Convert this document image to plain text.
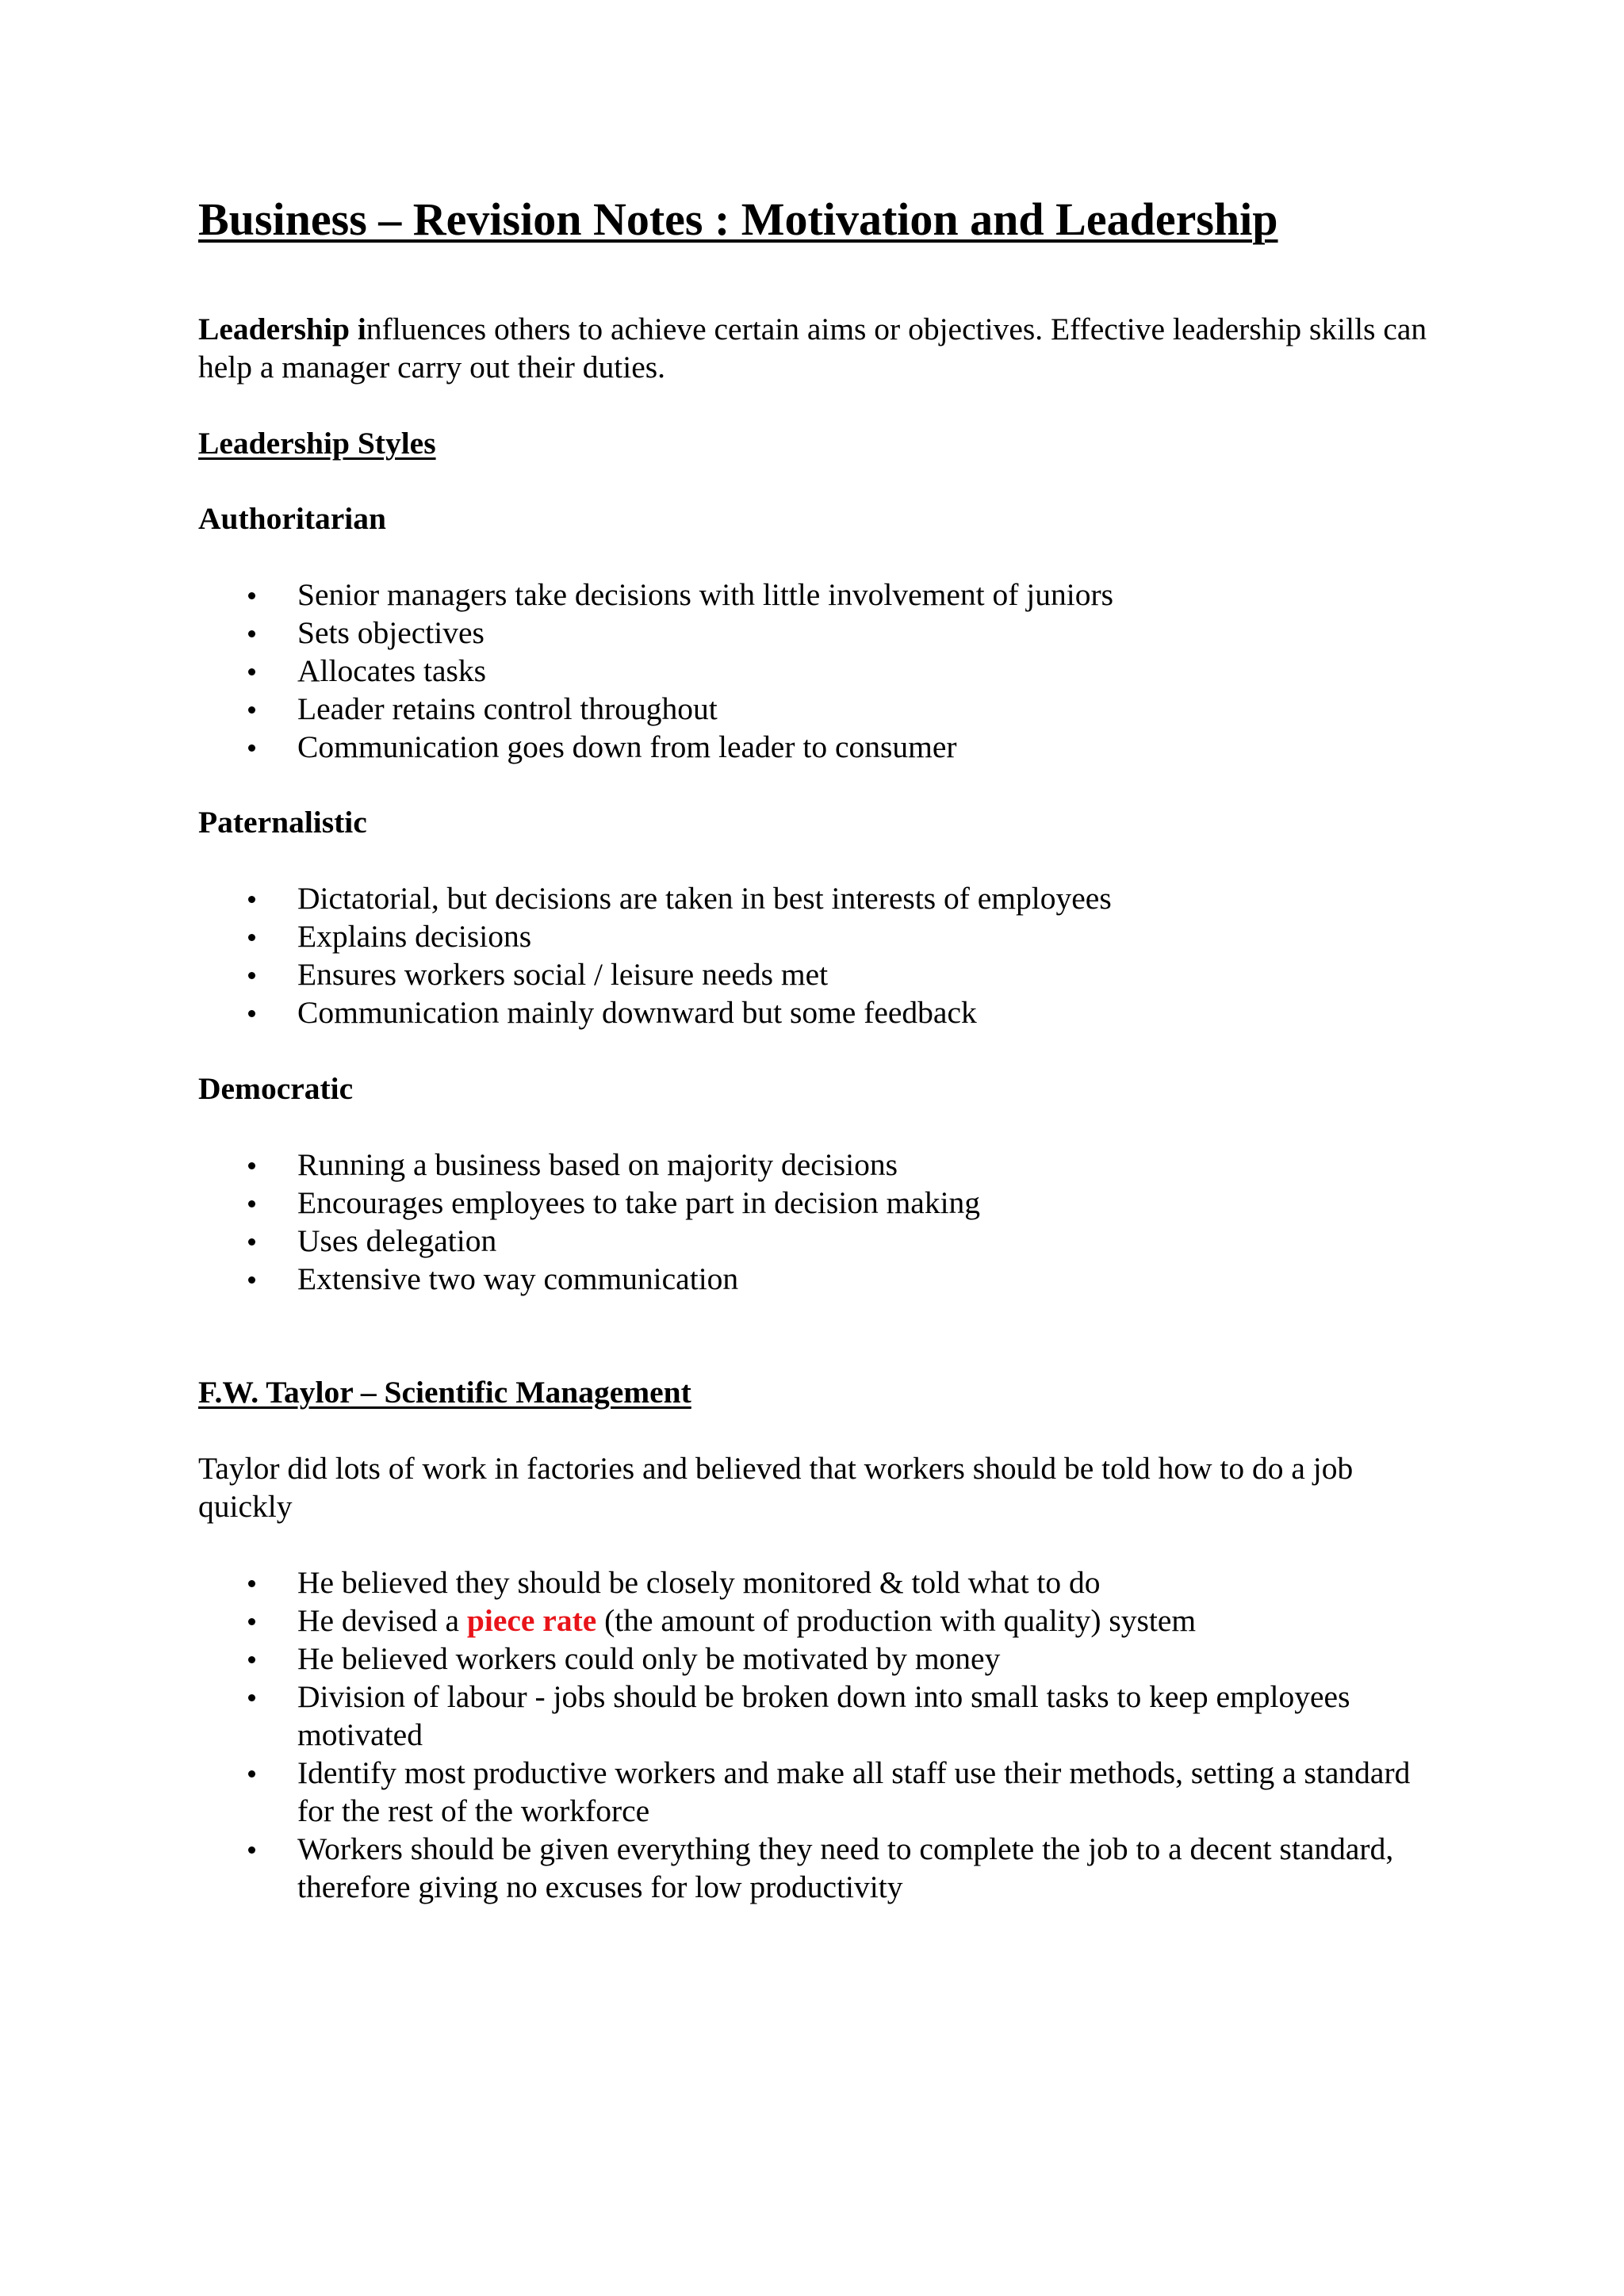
Business – Revision Notes : Motivation and Leadership

Leadership influences others to achieve certain aims or objectives. Effective leadership skills can help a manager carry out their duties.

Leadership Styles
Authoritarian
Senior managers take decisions with little involvement of juniors
Sets objectives
Allocates tasks
Leader retains control throughout
Communication goes down from leader to consumer
Paternalistic
Dictatorial, but decisions are taken in best interests of employees
Explains decisions
Ensures workers social / leisure needs met
Communication mainly downward but some feedback
Democratic
Running a business based on majority decisions
Encourages employees to take part in decision making
Uses delegation
Extensive two way communication
F.W. Taylor – Scientific Management

Taylor did lots of work in factories and believed that workers should be told how to do a job quickly

He believed they should be closely monitored & told what to do
He devised a piece rate (the amount of production with quality) system
He believed workers could only be motivated by money
Division of labour - jobs should be broken down into small tasks to keep employees motivated
Identify most productive workers and make all staff use their methods, setting a standard for the rest of the workforce
Workers should be given everything they need to complete the job to a decent standard, therefore giving no excuses for low productivity
